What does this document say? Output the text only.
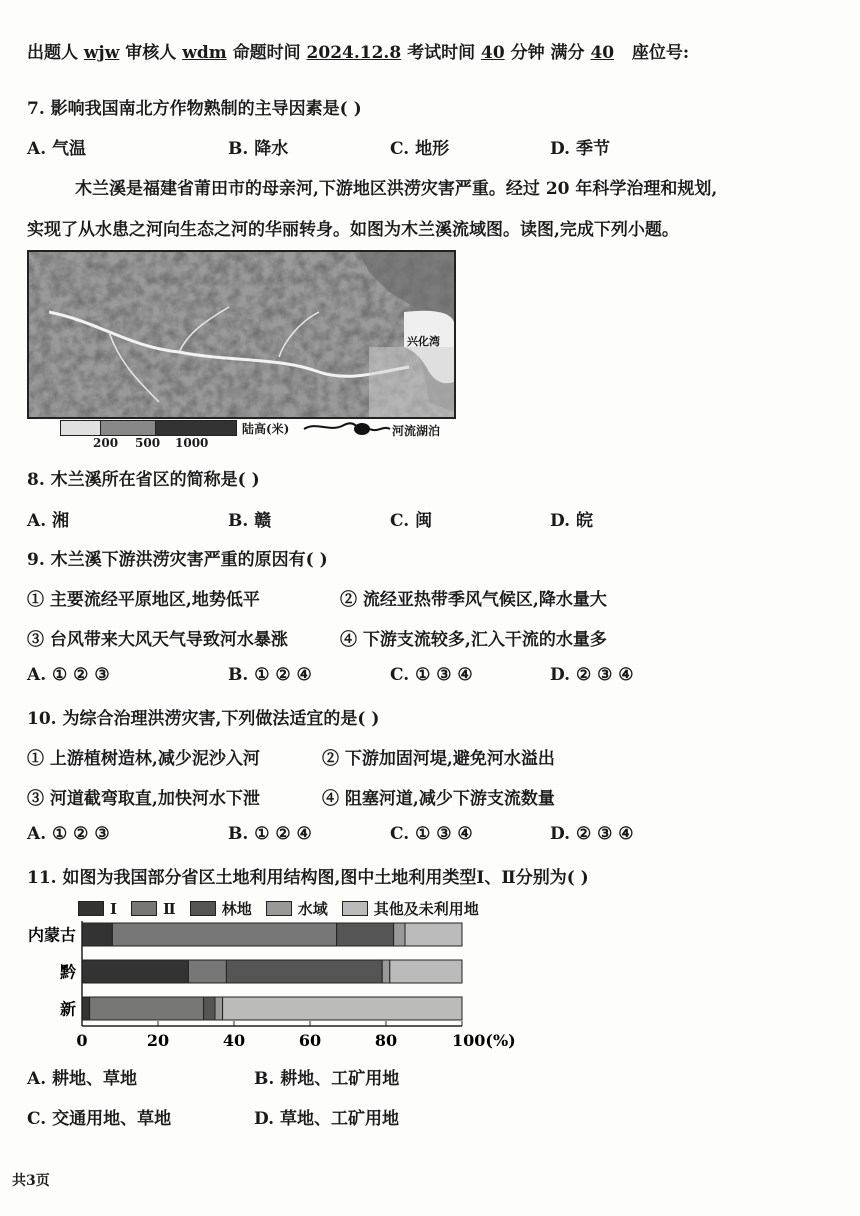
出题人 wjw 审核人 wdm 命题时间 2024.12.8 考试时间 40 分钟 满分 40 座位号:
7. 影响我国南北方作物熟制的主导因素是( )
A. 气温	B. 降水	C. 地形	D. 季节
木兰溪是福建省莆田市的母亲河,下游地区洪涝灾害严重。经过 20 年科学治理和规划,
实现了从水患之河向生态之河的华丽转身。如图为木兰溪流域图。读图,完成下列小题。
兴化湾
200 500 1000
陆高(米)	河流湖泊
8. 木兰溪所在省区的简称是( )
A. 湘	B. 赣	C. 闽	D. 皖
9. 木兰溪下游洪涝灾害严重的原因有( )
① 主要流经平原地区,地势低平	② 流经亚热带季风气候区,降水量大
③ 台风带来大风天气导致河水暴涨	④ 下游支流较多,汇入干流的水量多
A. ① ② ③	B. ① ② ④	C. ① ③ ④	D. ② ③ ④
10. 为综合治理洪涝灾害,下列做法适宜的是( )
① 上游植树造林,减少泥沙入河	② 下游加固河堤,避免河水溢出
③ 河道截弯取直,加快河水下泄	④ 阻塞河道,减少下游支流数量
A. ① ② ③	B. ① ② ④	C. ① ③ ④	D. ② ③ ④
11. 如图为我国部分省区土地利用结构图,图中土地利用类型Ⅰ、Ⅱ分别为( )
Ⅰ	Ⅱ	林地	水域	其他及未利用地
内蒙古
黔
新
0	20	40	60	80	100(%)
A. 耕地、草地	B. 耕地、工矿用地
C. 交通用地、草地	D. 草地、工矿用地
共3页
